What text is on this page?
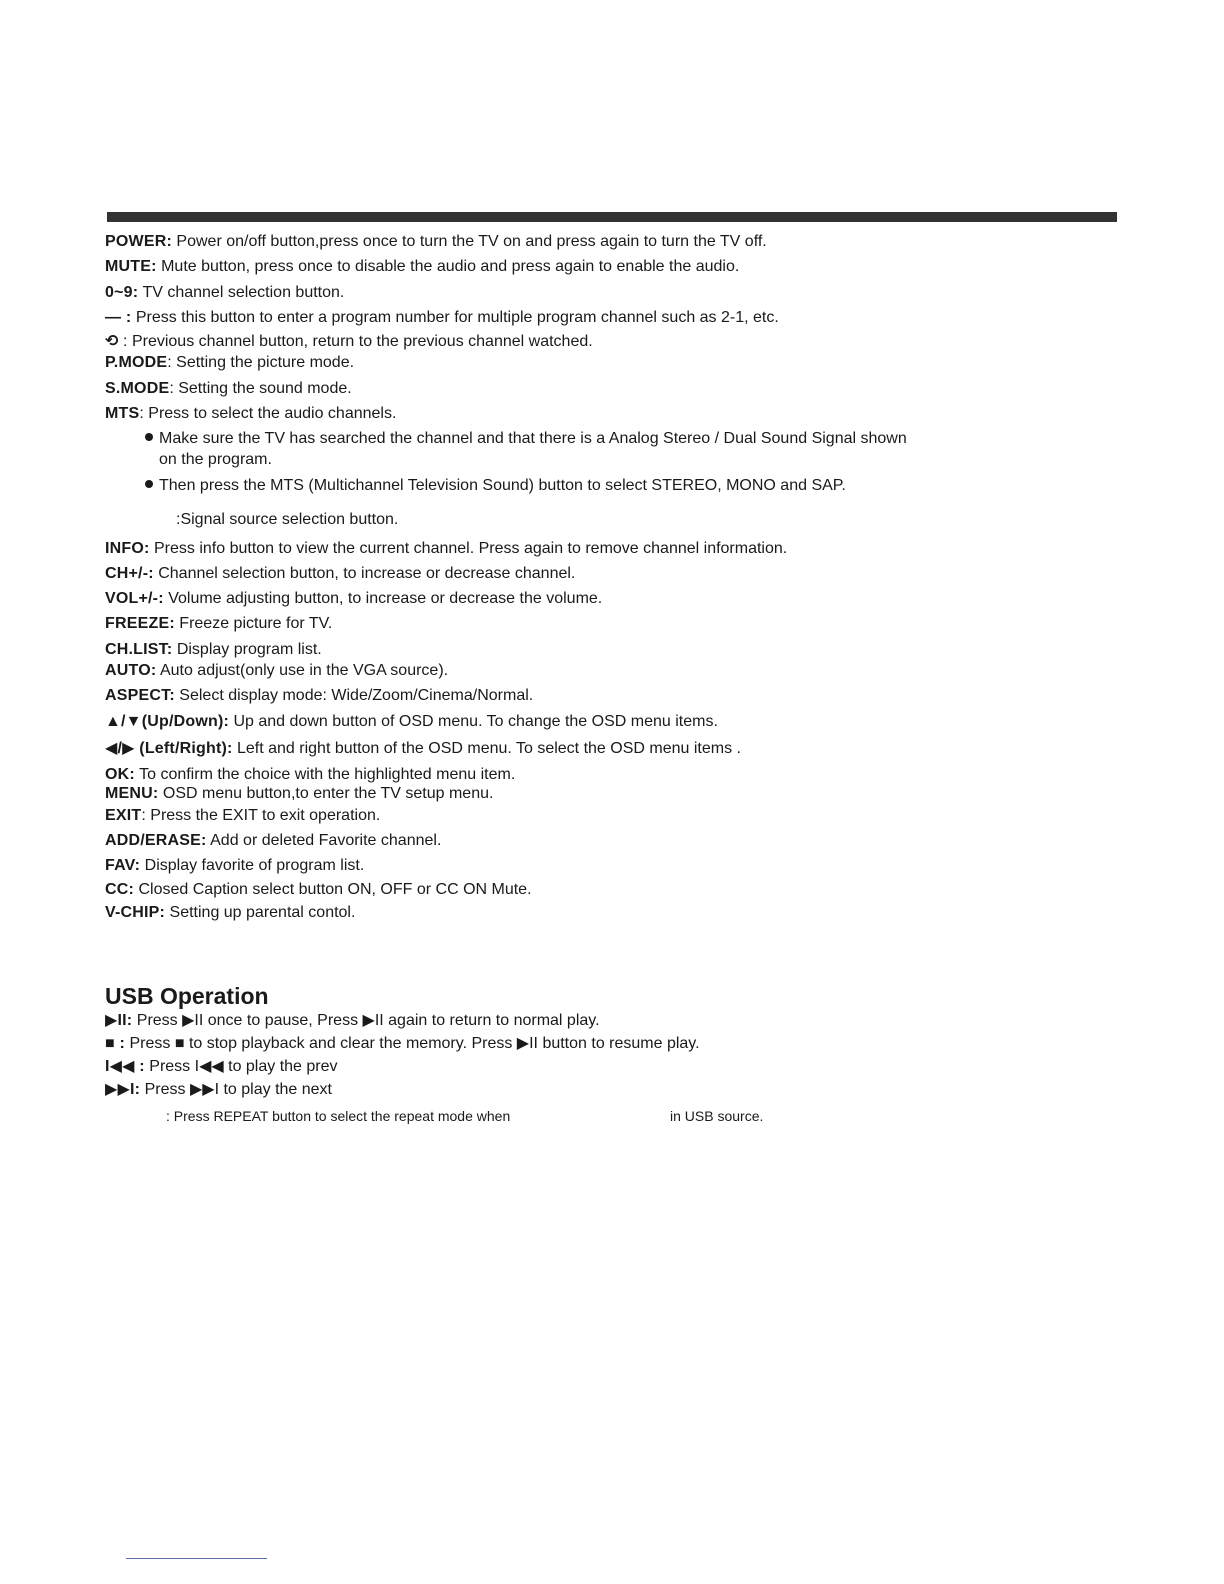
POWER: Power on/off button,press once to turn the TV on and press again to turn the TV off.
MUTE: Mute button, press once to disable the audio and press again to enable the audio.
0~9: TV channel selection button.
— : Press this button to enter a program number for multiple program channel such as 2-1, etc.
⟲ : Previous channel button, return to the previous channel watched.
P.MODE: Setting the picture mode.
S.MODE: Setting the sound mode.
MTS: Press to select the audio channels.
Make sure the TV has searched the channel and that there is a Analog Stereo / Dual Sound Signal shown
on the program.
Then press the MTS (Multichannel Television Sound) button to select STEREO, MONO and SAP.
:Signal source selection button.
INFO: Press info button to view the current channel. Press again to remove channel information.
CH+/-: Channel selection button, to increase or decrease channel.
VOL+/-: Volume adjusting button, to increase or decrease the volume.
FREEZE: Freeze picture for TV.
CH.LIST: Display program list.
AUTO: Auto adjust(only use in the VGA source).
ASPECT: Select display mode: Wide/Zoom/Cinema/Normal.
▲/▼(Up/Down): Up and down button of OSD menu. To change the OSD menu items.
◀/▶ (Left/Right): Left and right button of the OSD menu. To select the OSD menu items .
OK: To confirm the choice with the highlighted menu item.
MENU: OSD menu button,to enter the TV setup menu.
EXIT: Press the EXIT to exit operation.
ADD/ERASE: Add or deleted Favorite channel.
FAV: Display favorite of program list.
CC: Closed Caption select button ON, OFF or CC ON Mute.
V-CHIP: Setting up parental contol.
USB Operation
▶II: Press ▶II once to pause, Press ▶II again to return to normal play.
■ : Press ■ to stop playback and clear the memory. Press ▶II button to resume play.
I◀◀ : Press I◀◀ to play the prev
▶▶I: Press ▶▶I to play the next
: Press REPEAT button to select the repeat mode when	in USB source.
